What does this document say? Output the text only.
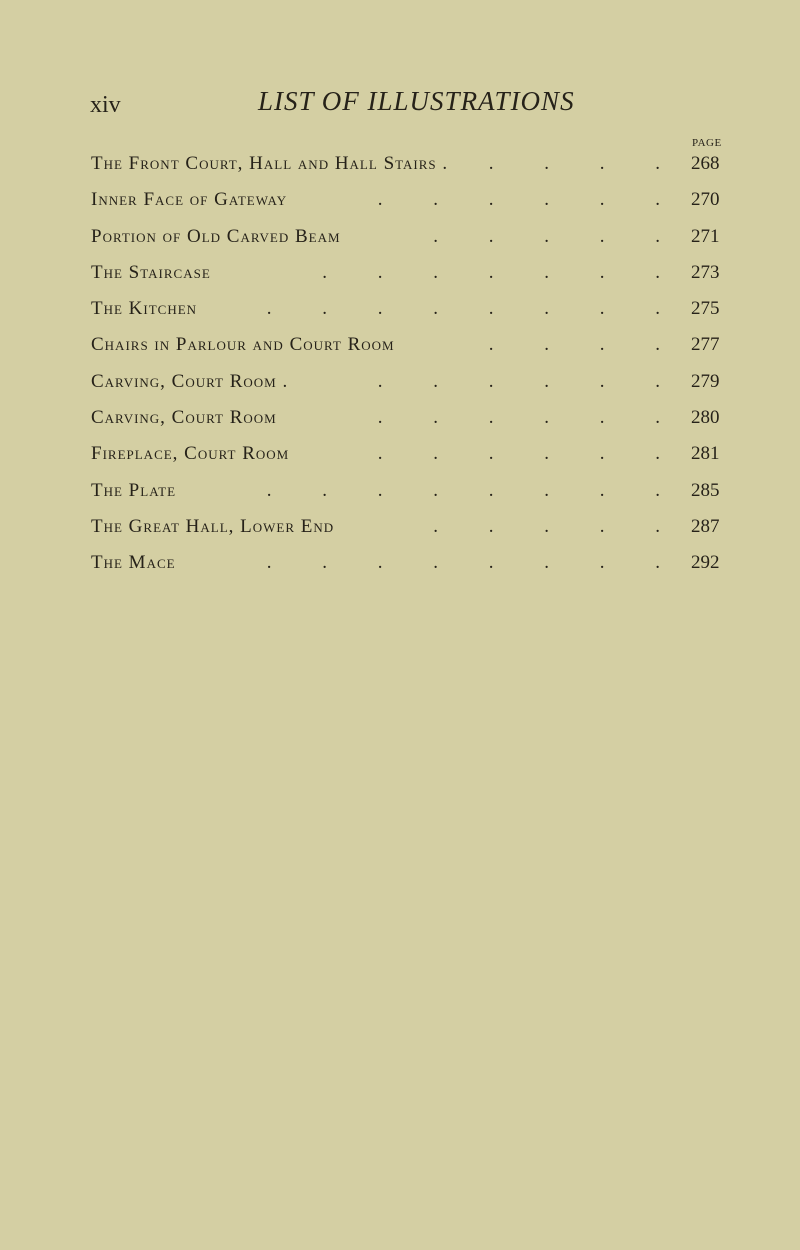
xiv	LIST OF ILLUSTRATIONS
PAGE
The Front Court, Hall and Hall Stairs .	. . . . 268
Inner Face of Gateway	. . . . . . 270
Portion of Old Carved Beam	. . . . . 271
The Staircase	. . . . . . . 273
The Kitchen	. . . . . . . . 275
Chairs in Parlour and Court Room	. . . . 277
Carving, Court Room .	. . . . . . 279
Carving, Court Room	. . . . . . 280
Fireplace, Court Room	. . . . . . 281
The Plate	. . . . . . . . 285
The Great Hall, Lower End	. . . . . 287
The Mace	. . . . . . . . 292
